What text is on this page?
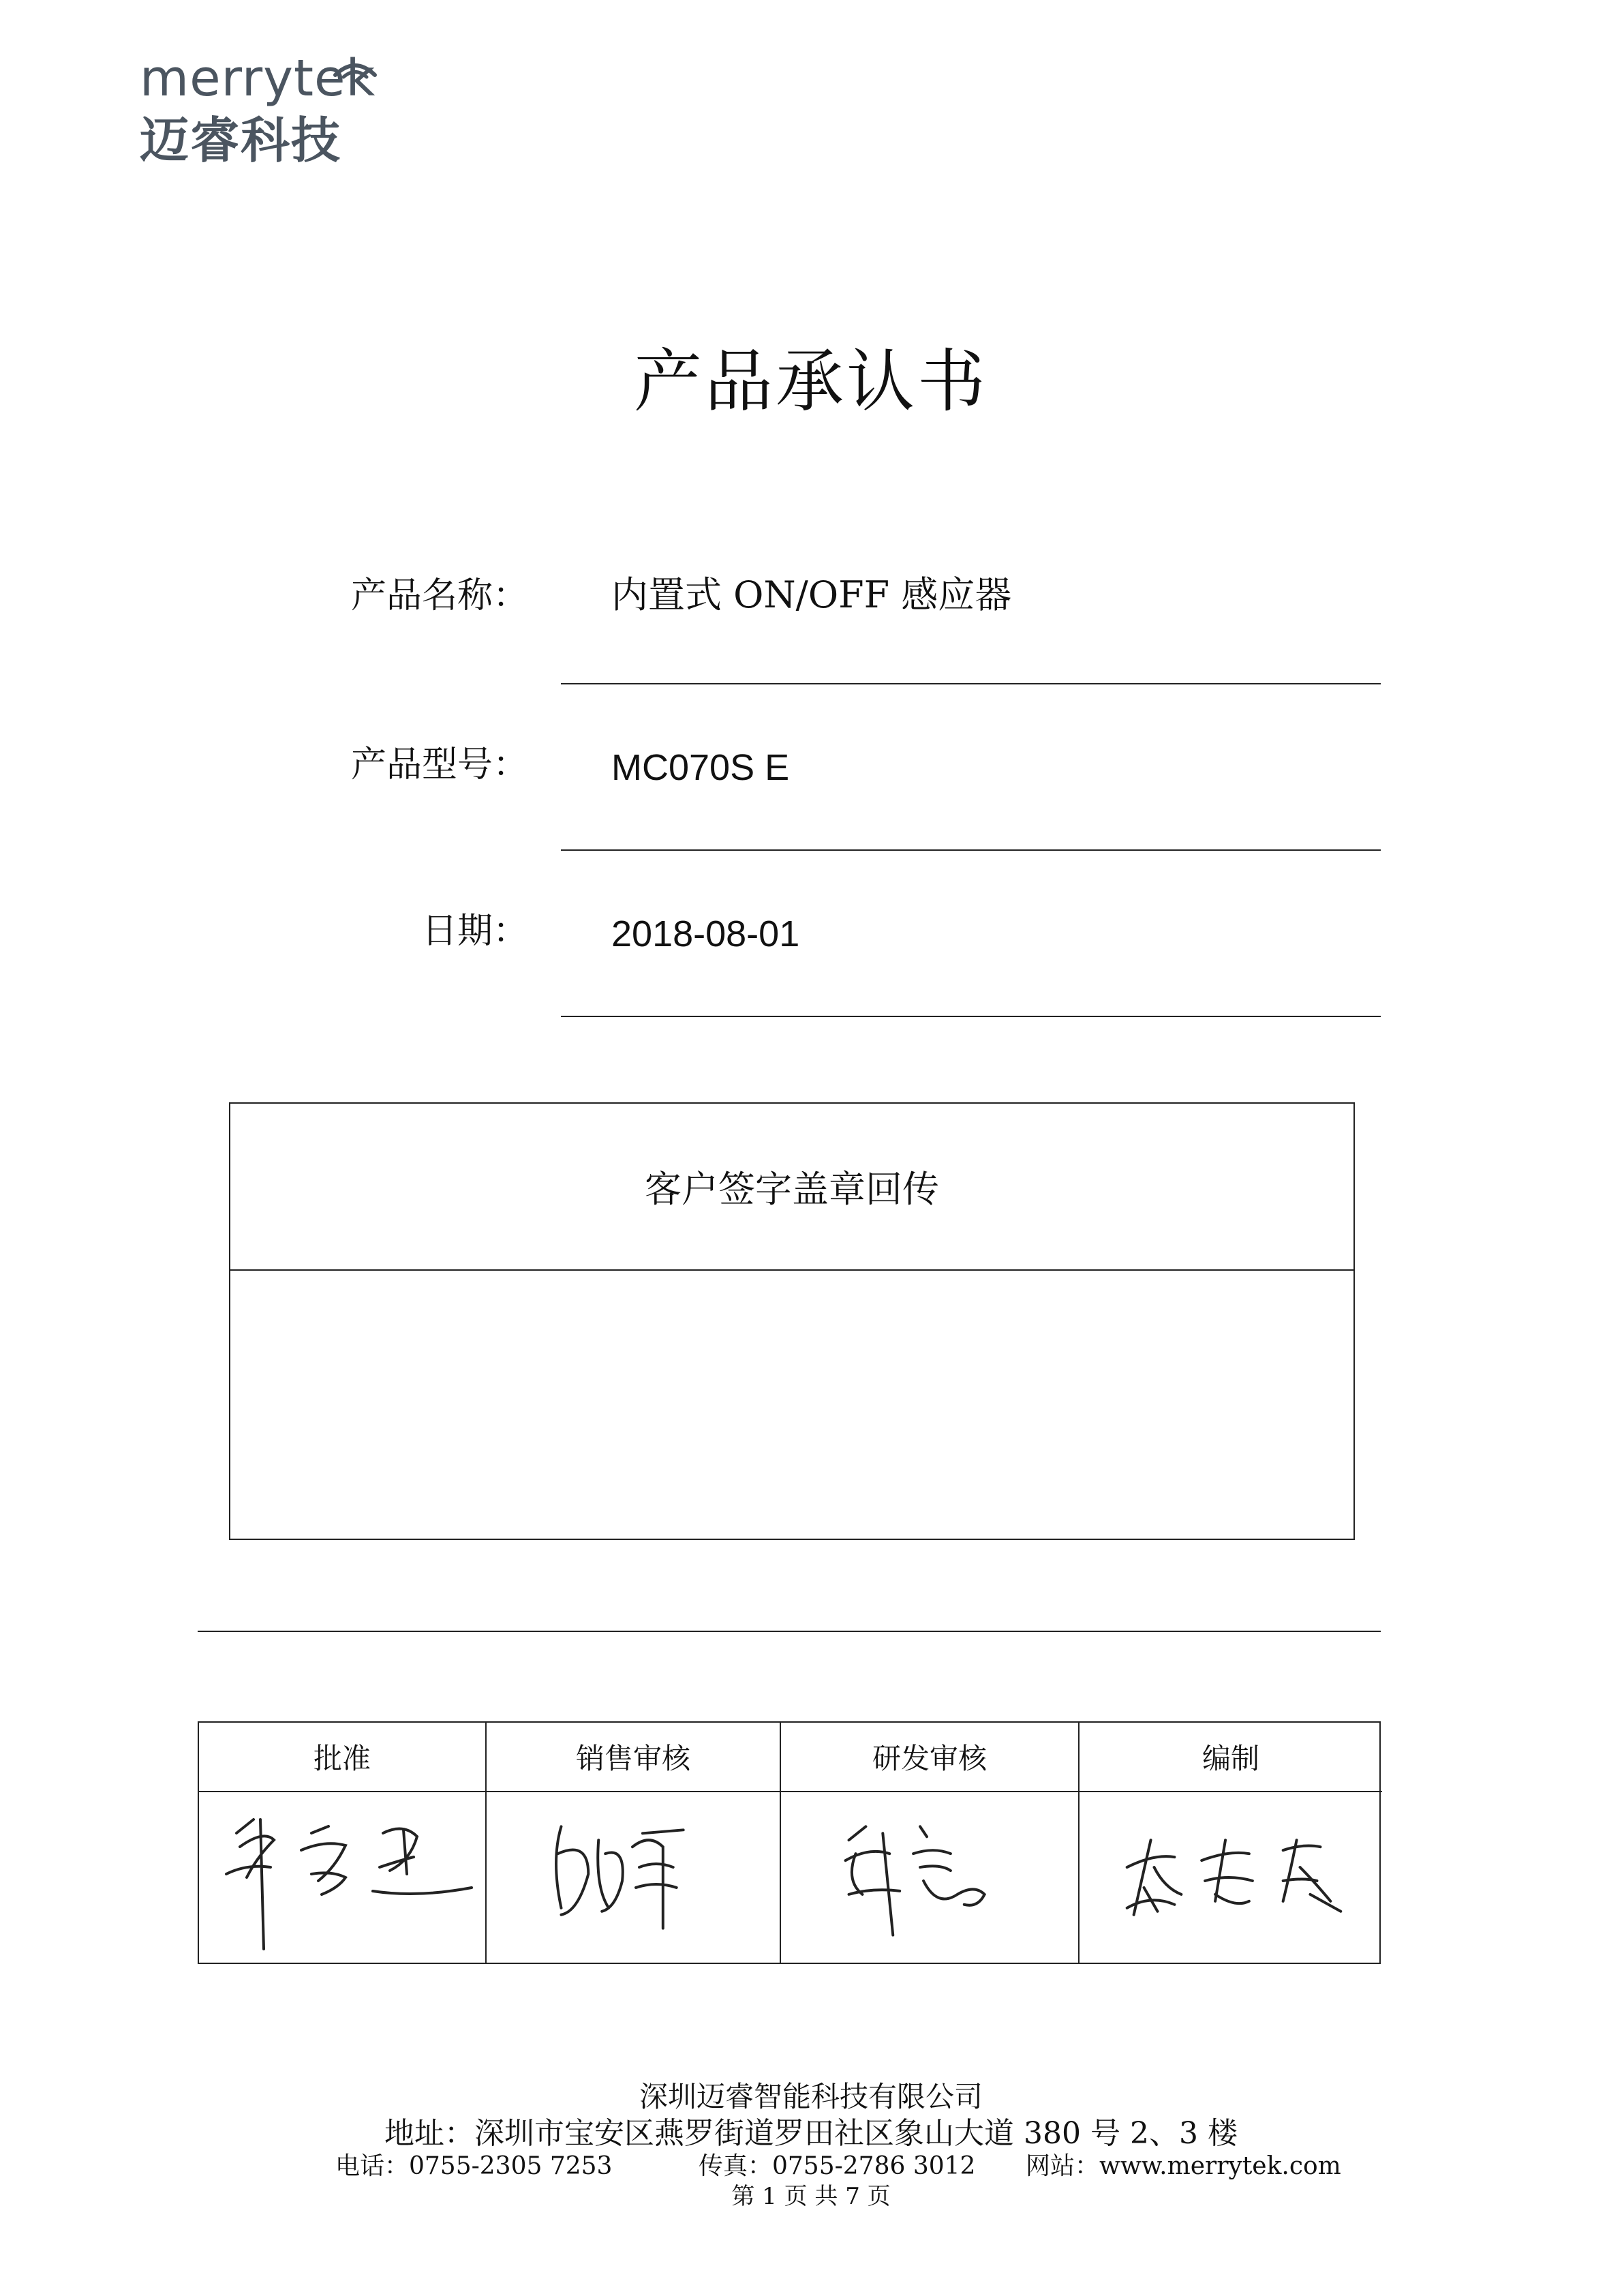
merrytek
迈睿科技
产品承认书
产品名称： 内置式 ON/OFF 感应器
产品型号： MC070S E
日期： 2018-08-01
客户签字盖章回传
批准	销售审核	研发审核	编制
深圳迈睿智能科技有限公司
地址：深圳市宝安区燕罗街道罗田社区象山大道 380 号 2、3 楼
电话：0755-2305 7253	传真：0755-2786 3012 网站：www.merrytek.com
第 1 页 共 7 页
